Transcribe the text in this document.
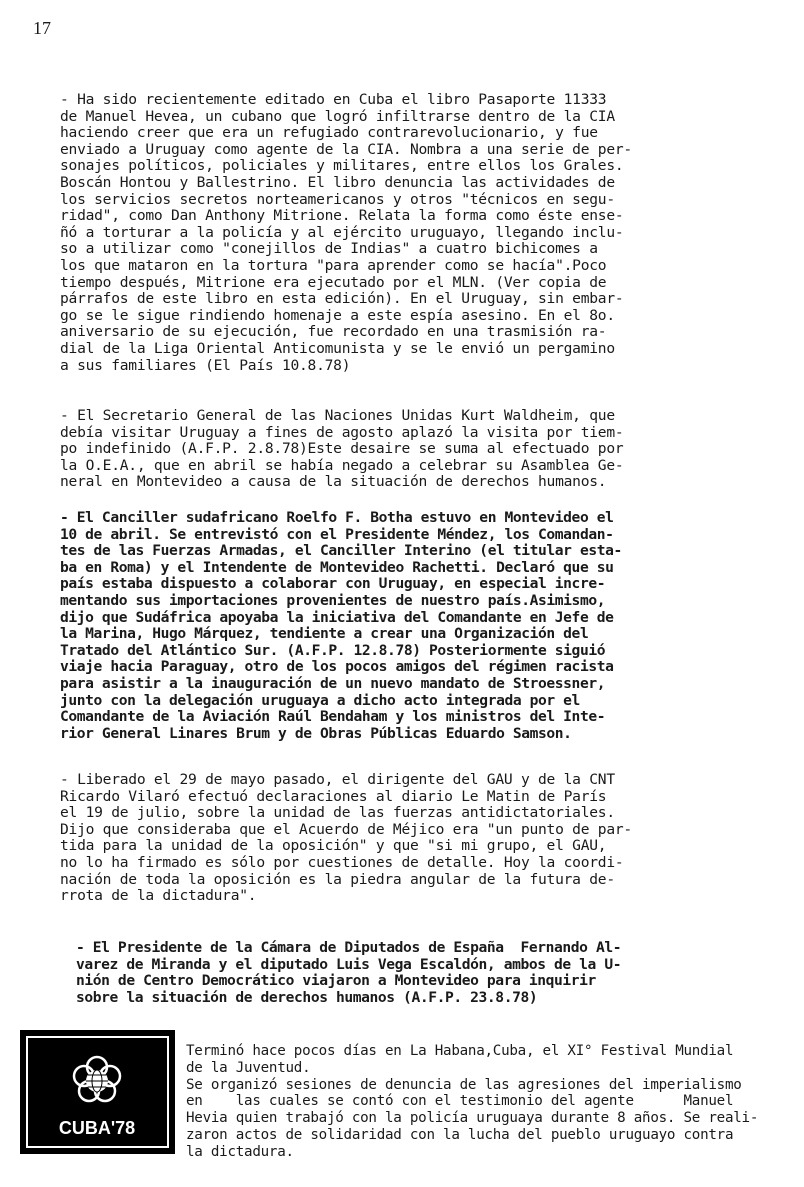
17
- Ha sido recientemente editado en Cuba el libro Pasaporte 11333
de Manuel Hevea, un cubano que logró infiltrarse dentro de la CIA
haciendo creer que era un refugiado contrarevolucionario, y fue
enviado a Uruguay como agente de la CIA. Nombra a una serie de per-
sonajes políticos, policiales y militares, entre ellos los Grales.
Boscán Hontou y Ballestrino. El libro denuncia las actividades de
los servicios secretos norteamericanos y otros "técnicos en segu-
ridad", como Dan Anthony Mitrione. Relata la forma como éste ense-
ñó a torturar a la policía y al ejército uruguayo, llegando inclu-
so a utilizar como "conejillos de Indias" a cuatro bichicomes a
los que mataron en la tortura "para aprender como se hacía".Poco
tiempo después, Mitrione era ejecutado por el MLN. (Ver copia de
párrafos de este libro en esta edición). En el Uruguay, sin embar-
go se le sigue rindiendo homenaje a este espía asesino. En el 8o.
aniversario de su ejecución, fue recordado en una trasmisión ra-
dial de la Liga Oriental Anticomunista y se le envió un pergamino
a sus familiares (El País 10.8.78)
- El Secretario General de las Naciones Unidas Kurt Waldheim, que
debía visitar Uruguay a fines de agosto aplazó la visita por tiem-
po indefinido (A.F.P. 2.8.78)Este desaire se suma al efectuado por
la O.E.A., que en abril se había negado a celebrar su Asamblea Ge-
neral en Montevideo a causa de la situación de derechos humanos.
- El Canciller sudafricano Roelfo F. Botha estuvo en Montevideo el
10 de abril. Se entrevistó con el Presidente Méndez, los Comandan-
tes de las Fuerzas Armadas, el Canciller Interino (el titular esta-
ba en Roma) y el Intendente de Montevideo Rachetti. Declaró que su
país estaba dispuesto a colaborar con Uruguay, en especial incre-
mentando sus importaciones provenientes de nuestro país.Asimismo,
dijo que Sudáfrica apoyaba la iniciativa del Comandante en Jefe de
la Marina, Hugo Márquez, tendiente a crear una Organización del
Tratado del Atlántico Sur. (A.F.P. 12.8.78) Posteriormente siguió
viaje hacia Paraguay, otro de los pocos amigos del régimen racista
para asistir a la inauguración de un nuevo mandato de Stroessner,
junto con la delegación uruguaya a dicho acto integrada por el
Comandante de la Aviación Raúl Bendaham y los ministros del Inte-
rior General Linares Brum y de Obras Públicas Eduardo Samson.
- Liberado el 29 de mayo pasado, el dirigente del GAU y de la CNT
Ricardo Vilaró efectuó declaraciones al diario Le Matin de París
el 19 de julio, sobre la unidad de las fuerzas antidictatoriales.
Dijo que consideraba que el Acuerdo de Méjico era "un punto de par-
tida para la unidad de la oposición" y que "si mi grupo, el GAU,
no lo ha firmado es sólo por cuestiones de detalle. Hoy la coordi-
nación de toda la oposición es la piedra angular de la futura de-
rrota de la dictadura".
- El Presidente de la Cámara de Diputados de España  Fernando Al-
varez de Miranda y el diputado Luis Vega Escaldón, ambos de la U-
nión de Centro Democrático viajaron a Montevideo para inquirir
sobre la situación de derechos humanos (A.F.P. 23.8.78)
CUBA'78
Terminó hace pocos días en La Habana,Cuba, el XI° Festival Mundial
de la Juventud.
Se organizó sesiones de denuncia de las agresiones del imperialismo
en    las cuales se contó con el testimonio del agente      Manuel
Hevia quien trabajó con la policía uruguaya durante 8 años. Se reali-
zaron actos de solidaridad con la lucha del pueblo uruguayo contra
la dictadura.
